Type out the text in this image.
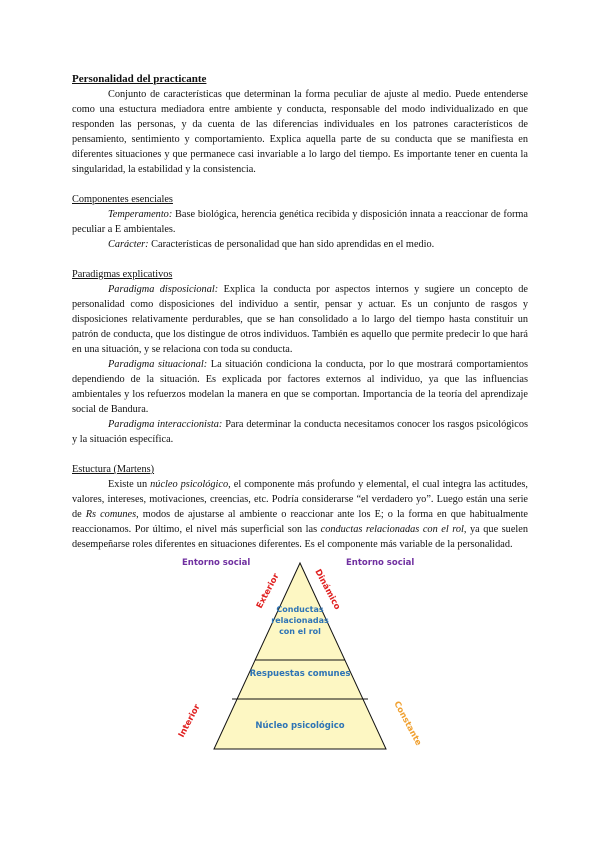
Personalidad del practicante

Conjunto de características que determinan la forma peculiar de ajuste al medio. Puede entenderse como una estuctura mediadora entre ambiente y conducta, responsable del modo individualizado en que responden las personas, y da cuenta de las diferencias individuales en los patrones característicos de pensamiento, sentimiento y comportamiento. Explica aquella parte de su conducta que se manifiesta en diferentes situaciones y que permanece casi invariable a lo largo del tiempo. Es importante tener en cuenta la singularidad, la estabilidad y la consistencia.

Componentes esenciales

Temperamento: Base biológica, herencia genética recibida y disposición innata a reaccionar de forma peculiar a E ambientales.

Carácter: Características de personalidad que han sido aprendidas en el medio.

Paradigmas explicativos

Paradigma disposicional: Explica la conducta por aspectos internos y sugiere un concepto de personalidad como disposiciones del individuo a sentir, pensar y actuar. Es un conjunto de rasgos y disposiciones relativamente perdurables, que se han consolidado a lo largo del tiempo hasta constituir un patrón de conducta, que los distingue de otros individuos. También es aquello que permite predecir lo que hará en una situación, y se relaciona con toda su conducta.

Paradigma situacional: La situación condiciona la conducta, por lo que mostrará comportamientos dependiendo de la situación. Es explicada por factores externos al individuo, ya que las influencias ambientales y los refuerzos modelan la manera en que se comportan. Importancia de la teoría del aprendizaje social de Bandura.

Paradigma interaccionista: Para determinar la conducta necesitamos conocer los rasgos psicológicos y la situación específica.

Estuctura (Martens)

Existe un núcleo psicológico, el componente más profundo y elemental, el cual integra las actitudes, valores, intereses, motivaciones, creencias, etc. Podría considerarse “el verdadero yo”. Luego están una serie de Rs comunes, modos de ajustarse al ambiente o reaccionar ante los E; o la forma en que habitualmente reaccionamos. Por último, el nivel más superficial son las conductas relacionadas con el rol, ya que suelen desempeñarse roles diferentes en situaciones diferentes. Es el componente más variable de la personalidad.

Entorno social	Entorno social
Conductas
relacionadas
con el rol
Respuestas comunes
Núcleo psicológico
Exterior	Dinámico
Interior	Constante
